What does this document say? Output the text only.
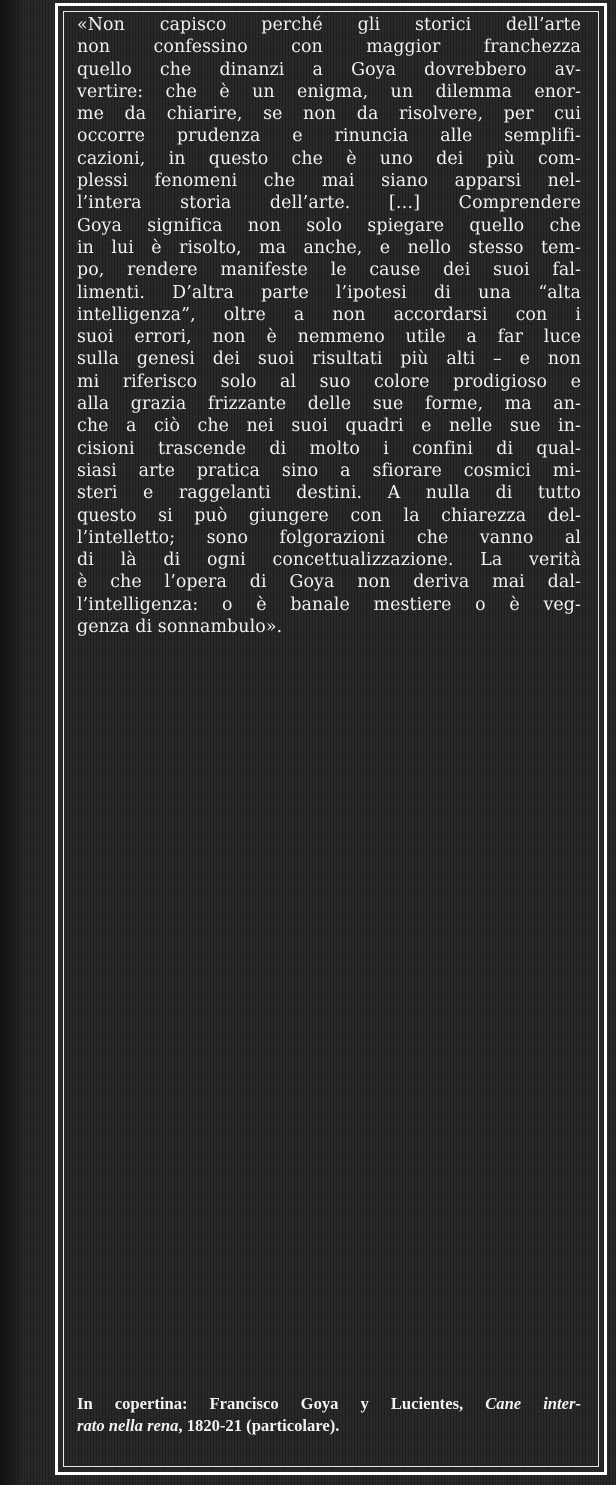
«Non capisco perché gli storici dell’arte
non confessino con maggior franchezza
quello che dinanzi a Goya dovrebbero av-
vertire: che è un enigma, un dilemma enor-
me da chiarire, se non da risolvere, per cui
occorre prudenza e rinuncia alle semplifi-
cazioni, in questo che è uno dei più com-
plessi fenomeni che mai siano apparsi nel-
l’intera storia dell’arte. […] Comprendere
Goya significa non solo spiegare quello che
in lui è risolto, ma anche, e nello stesso tem-
po, rendere manifeste le cause dei suoi fal-
limenti. D’altra parte l’ipotesi di una “alta
intelligenza”, oltre a non accordarsi con i
suoi errori, non è nemmeno utile a far luce
sulla genesi dei suoi risultati più alti – e non
mi riferisco solo al suo colore prodigioso e
alla grazia frizzante delle sue forme, ma an-
che a ciò che nei suoi quadri e nelle sue in-
cisioni trascende di molto i confini di qual-
siasi arte pratica sino a sfiorare cosmici mi-
steri e raggelanti destini. A nulla di tutto
questo si può giungere con la chiarezza del-
l’intelletto; sono folgorazioni che vanno al
di là di ogni concettualizzazione. La verità
è che l’opera di Goya non deriva mai dal-
l’intelligenza: o è banale mestiere o è veg-
genza di sonnambulo».
In copertina: Francisco Goya y Lucientes, Cane inter-
rato nella rena, 1820-21 (particolare).
